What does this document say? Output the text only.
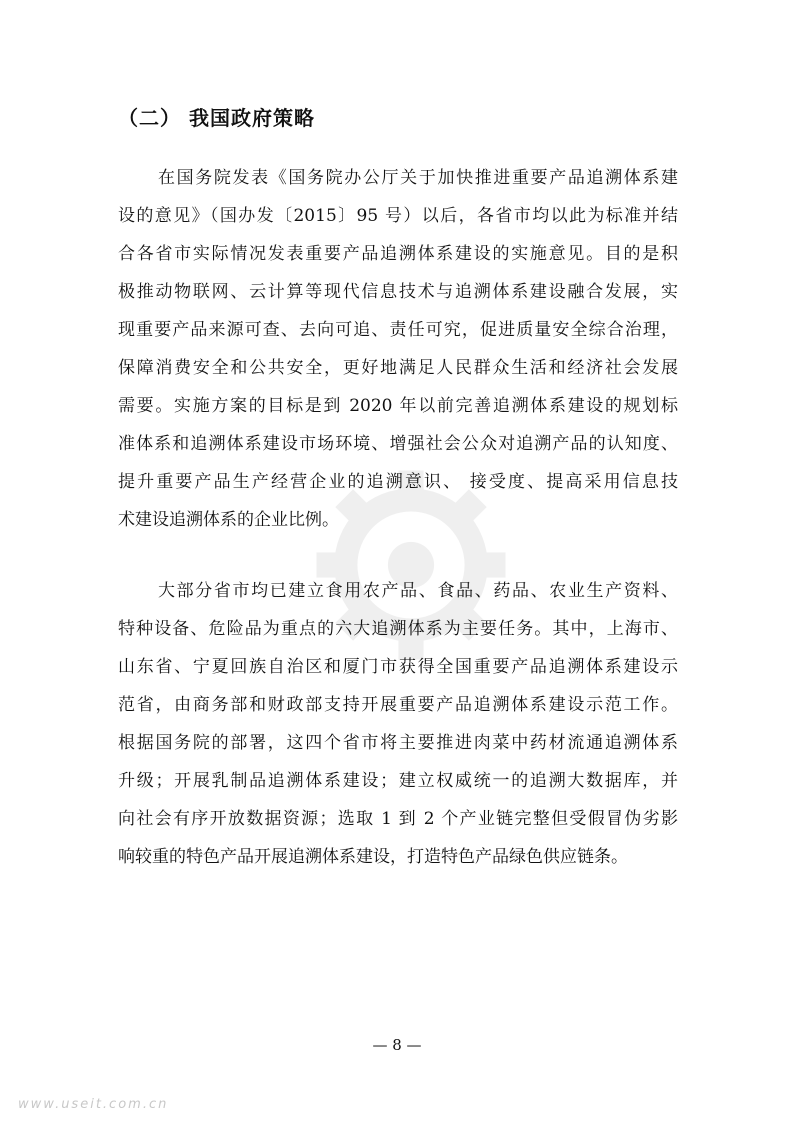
（二） 我国政府策略
在国务院发表《国务院办公厅关于加快推进重要产品追溯体系建
设的意见》（国办发〔2015〕95 号）以后，各省市均以此为标准并结
合各省市实际情况发表重要产品追溯体系建设的实施意见。目的是积
极推动物联网、云计算等现代信息技术与追溯体系建设融合发展，实
现重要产品来源可查、去向可追、责任可究，促进质量安全综合治理，
保障消费安全和公共安全，更好地满足人民群众生活和经济社会发展
需要。实施方案的目标是到 2020 年以前完善追溯体系建设的规划标
准体系和追溯体系建设市场环境、增强社会公众对追溯产品的认知度、
提升重要产品生产经营企业的追溯意识、 接受度、提高采用信息技
术建设追溯体系的企业比例。
大部分省市均已建立食用农产品、食品、药品、农业生产资料、
特种设备、危险品为重点的六大追溯体系为主要任务。其中，上海市、
山东省、宁夏回族自治区和厦门市获得全国重要产品追溯体系建设示
范省，由商务部和财政部支持开展重要产品追溯体系建设示范工作。
根据国务院的部署，这四个省市将主要推进肉菜中药材流通追溯体系
升级；开展乳制品追溯体系建设；建立权威统一的追溯大数据库，并
向社会有序开放数据资源；选取 1 到 2 个产业链完整但受假冒伪劣影
响较重的特色产品开展追溯体系建设，打造特色产品绿色供应链条。
— 8 —
www.useit.com.cn
